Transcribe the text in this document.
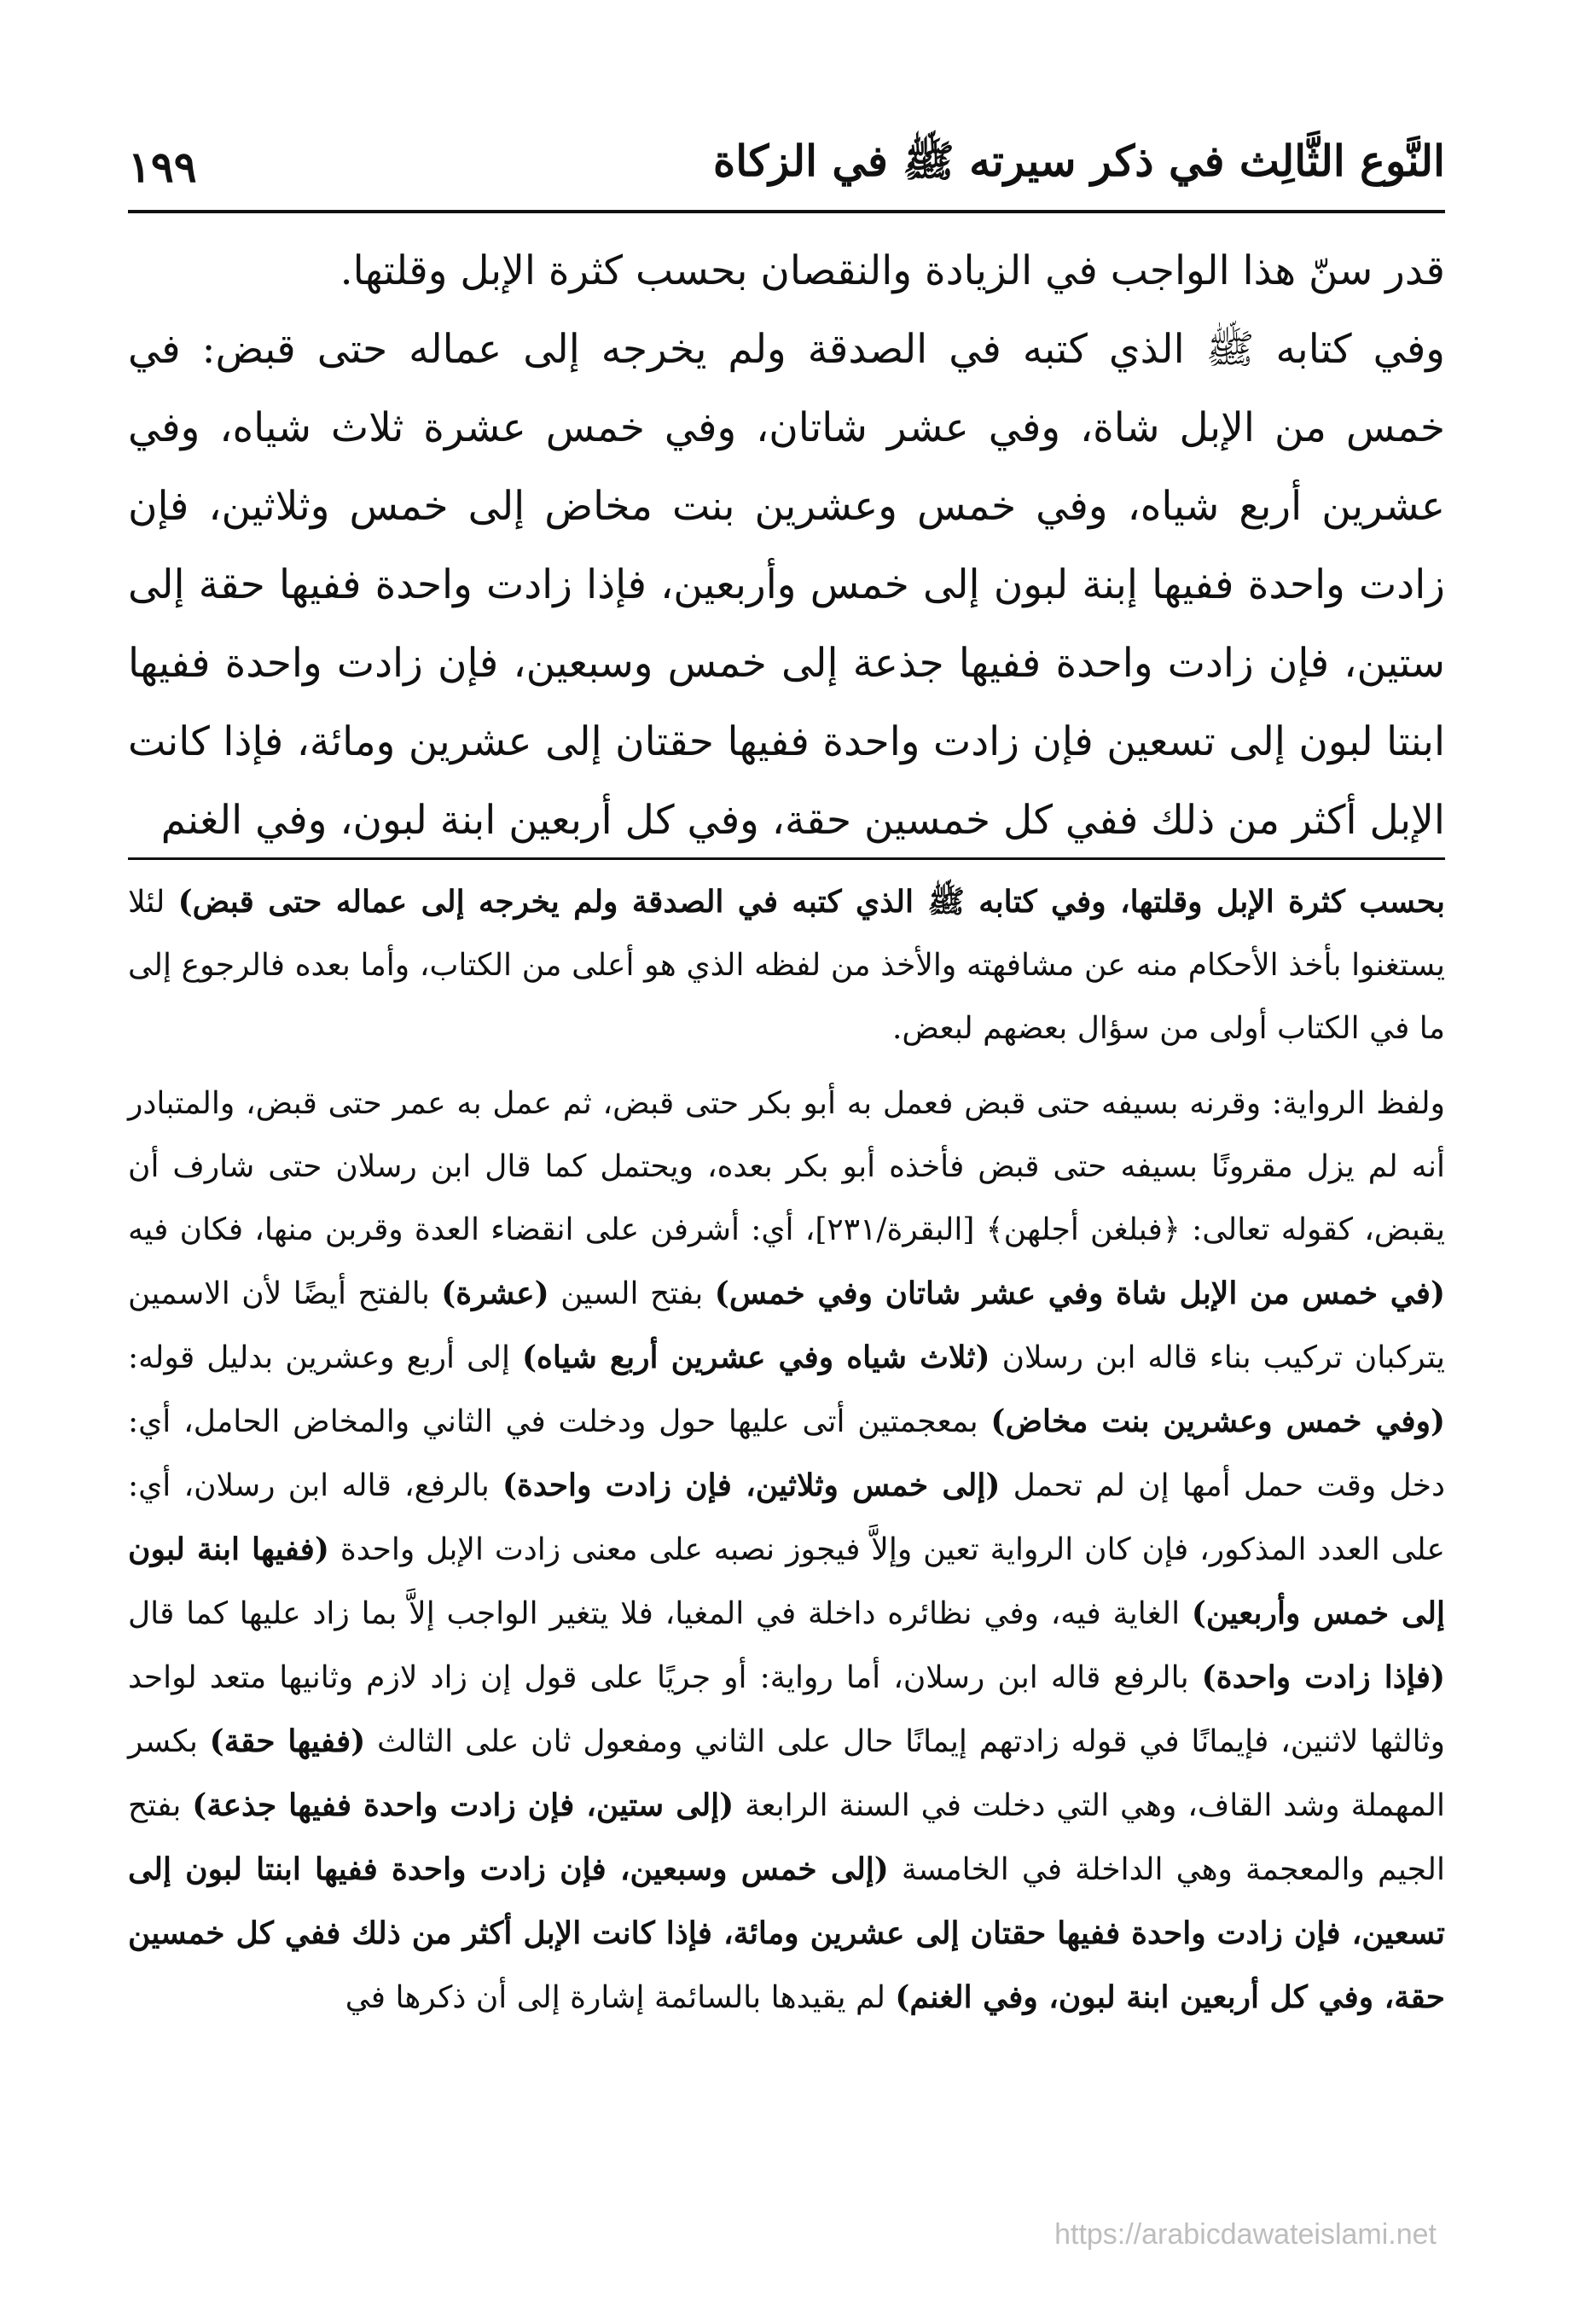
النَّوع الثَّالِث في ذكر سيرته ﷺ في الزكاة
١٩٩

قدر سنّ هذا الواجب في الزيادة والنقصان بحسب كثرة الإبل وقلتها.

وفي كتابه ﷺ الذي كتبه في الصدقة ولم يخرجه إلى عماله حتى قبض: في خمس من الإبل شاة، وفي عشر شاتان، وفي خمس عشرة ثلاث شياه، وفي عشرين أربع شياه، وفي خمس وعشرين بنت مخاض إلى خمس وثلاثين، فإن زادت واحدة ففيها إبنة لبون إلى خمس وأربعين، فإذا زادت واحدة ففيها حقة إلى ستين، فإن زادت واحدة ففيها جذعة إلى خمس وسبعين، فإن زادت واحدة ففيها ابنتا لبون إلى تسعين فإن زادت واحدة ففيها حقتان إلى عشرين ومائة، فإذا كانت الإبل أكثر من ذلك ففي كل خمسين حقة، وفي كل أربعين ابنة لبون، وفي الغنم

بحسب كثرة الإبل وقلتها، وفي كتابه ﷺ الذي كتبه في الصدقة ولم يخرجه إلى عماله حتى قبض) لئلا يستغنوا بأخذ الأحكام منه عن مشافهته والأخذ من لفظه الذي هو أعلى من الكتاب، وأما بعده فالرجوع إلى ما في الكتاب أولى من سؤال بعضهم لبعض.

ولفظ الرواية: وقرنه بسيفه حتى قبض فعمل به أبو بكر حتى قبض، ثم عمل به عمر حتى قبض، والمتبادر أنه لم يزل مقرونًا بسيفه حتى قبض فأخذه أبو بكر بعده، ويحتمل كما قال ابن رسلان حتى شارف أن يقبض، كقوله تعالى: ﴿فبلغن أجلهن﴾ [البقرة/٢٣١]، أي: أشرفن على انقضاء العدة وقربن منها، فكان فيه (في خمس من الإبل شاة وفي عشر شاتان وفي خمس) بفتح السين (عشرة) بالفتح أيضًا لأن الاسمين يتركبان تركيب بناء قاله ابن رسلان (ثلاث شياه وفي عشرين أربع شياه) إلى أربع وعشرين بدليل قوله: (وفي خمس وعشرين بنت مخاض) بمعجمتين أتى عليها حول ودخلت في الثاني والمخاض الحامل، أي: دخل وقت حمل أمها إن لم تحمل (إلى خمس وثلاثين، فإن زادت واحدة) بالرفع، قاله ابن رسلان، أي: على العدد المذكور، فإن كان الرواية تعين وإلاَّ فيجوز نصبه على معنى زادت الإبل واحدة (ففيها ابنة لبون إلى خمس وأربعين) الغاية فيه، وفي نظائره داخلة في المغيا، فلا يتغير الواجب إلاَّ بما زاد عليها كما قال (فإذا زادت واحدة) بالرفع قاله ابن رسلان، أما رواية: أو جريًا على قول إن زاد لازم وثانيها متعد لواحد وثالثها لاثنين، فإيمانًا في قوله زادتهم إيمانًا حال على الثاني ومفعول ثان على الثالث (ففيها حقة) بكسر المهملة وشد القاف، وهي التي دخلت في السنة الرابعة (إلى ستين، فإن زادت واحدة ففيها جذعة) بفتح الجيم والمعجمة وهي الداخلة في الخامسة (إلى خمس وسبعين، فإن زادت واحدة ففيها ابنتا لبون إلى تسعين، فإن زادت واحدة ففيها حقتان إلى عشرين ومائة، فإذا كانت الإبل أكثر من ذلك ففي كل خمسين حقة، وفي كل أربعين ابنة لبون، وفي الغنم) لم يقيدها بالسائمة إشارة إلى أن ذكرها في

https://arabicdawateislami.net
